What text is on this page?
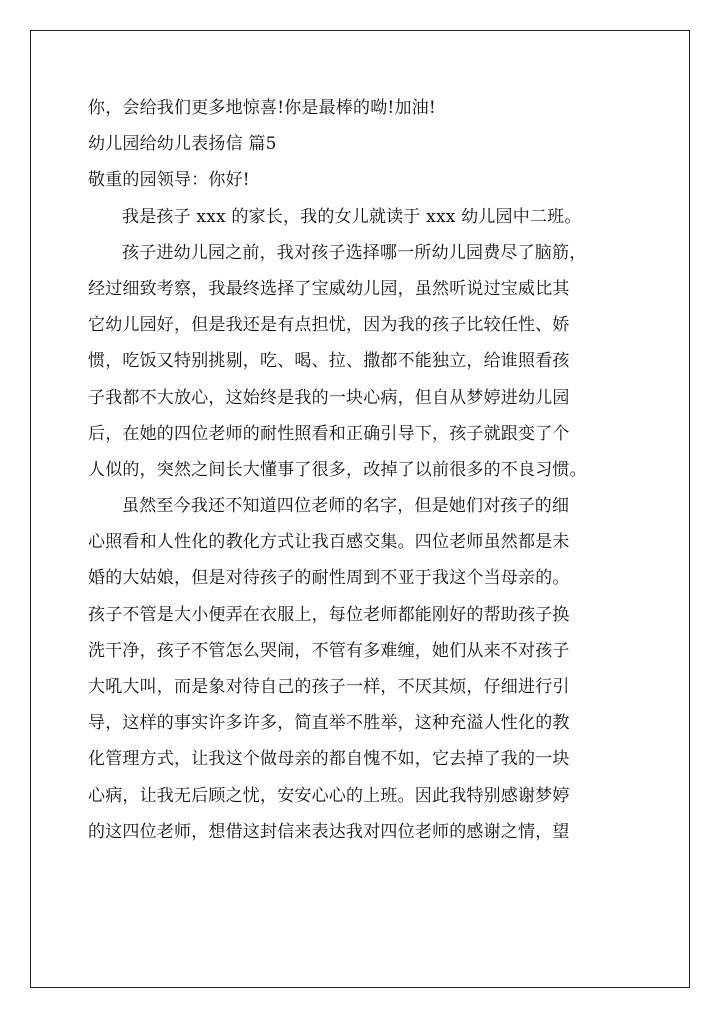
你，会给我们更多地惊喜!你是最棒的呦!加油!
幼儿园给幼儿表扬信 篇5
敬重的园领导：你好!
我是孩子 xxx 的家长，我的女儿就读于 xxx 幼儿园中二班。
孩子进幼儿园之前，我对孩子选择哪一所幼儿园费尽了脑筋，
经过细致考察，我最终选择了宝威幼儿园，虽然听说过宝威比其
它幼儿园好，但是我还是有点担忧，因为我的孩子比较任性、娇
惯，吃饭又特别挑剔，吃、喝、拉、撒都不能独立，给谁照看孩
子我都不大放心，这始终是我的一块心病，但自从梦婷进幼儿园
后，在她的四位老师的耐性照看和正确引导下，孩子就跟变了个
人似的，突然之间长大懂事了很多，改掉了以前很多的不良习惯。
虽然至今我还不知道四位老师的名字，但是她们对孩子的细
心照看和人性化的教化方式让我百感交集。四位老师虽然都是未
婚的大姑娘，但是对待孩子的耐性周到不亚于我这个当母亲的。
孩子不管是大小便弄在衣服上，每位老师都能刚好的帮助孩子换
洗干净，孩子不管怎么哭闹，不管有多难缠，她们从来不对孩子
大吼大叫，而是象对待自己的孩子一样，不厌其烦，仔细进行引
导，这样的事实许多许多，简直举不胜举，这种充溢人性化的教
化管理方式，让我这个做母亲的都自愧不如，它去掉了我的一块
心病，让我无后顾之忧，安安心心的上班。因此我特别感谢梦婷
的这四位老师，想借这封信来表达我对四位老师的感谢之情，望
